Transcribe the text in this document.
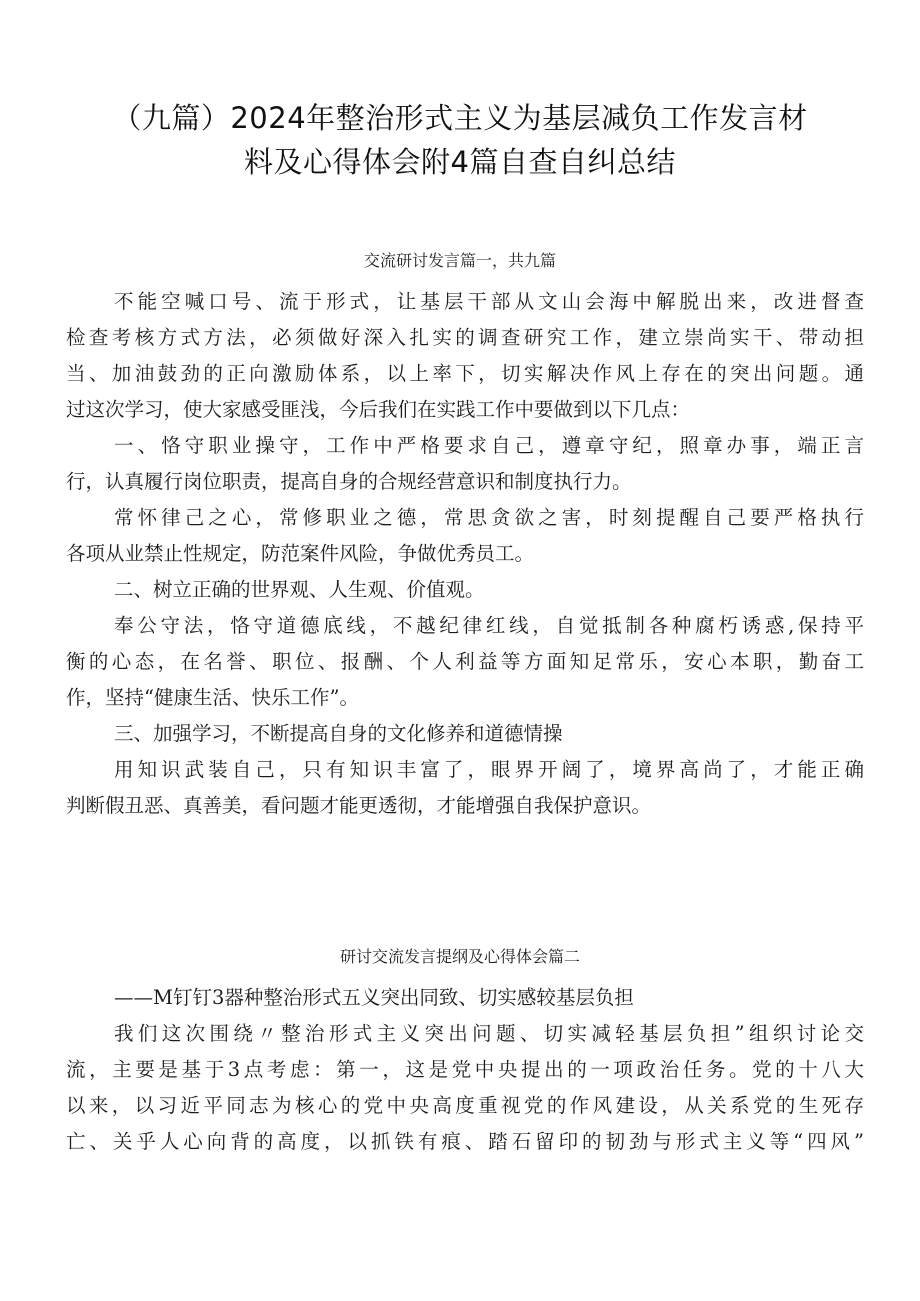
（九篇）2024年整治形式主义为基层减负工作发言材
料及心得体会附4篇自查自纠总结
交流研讨发言篇一，共九篇
不能空喊口号、流于形式，让基层干部从文山会海中解脱出来，改进督查
检查考核方式方法，必须做好深入扎实的调查研究工作，建立崇尚实干、带动担
当、加油鼓劲的正向激励体系，以上率下，切实解决作风上存在的突出问题。通
过这次学习，使大家感受匪浅，今后我们在实践工作中要做到以下几点：
一、恪守职业操守，工作中严格要求自己，遵章守纪，照章办事，端正言
行，认真履行岗位职责，提高自身的合规经营意识和制度执行力。
常怀律己之心，常修职业之德，常思贪欲之害，时刻提醒自己要严格执行
各项从业禁止性规定，防范案件风险，争做优秀员工。
二、树立正确的世界观、人生观、价值观。
奉公守法，恪守道德底线，不越纪律红线，自觉抵制各种腐朽诱惑,保持平
衡的心态，在名誉、职位、报酬、个人利益等方面知足常乐，安心本职，勤奋工
作，坚持“健康生活、快乐工作”。
三、加强学习，不断提高自身的文化修养和道德情操
用知识武装自己，只有知识丰富了，眼界开阔了，境界高尚了，才能正确
判断假丑恶、真善美，看问题才能更透彻，才能增强自我保护意识。
研讨交流发言提纲及心得体会篇二
——M钉钉3器种整治形式五义突出同致、切实感较基层负担
我们这次围绕〃整治形式主义突出问题、切实减轻基层负担”组织讨论交
流，主要是基于3点考虑：第一，这是党中央提出的一项政治任务。党的十八大
以来，以习近平同志为核心的党中央高度重视党的作风建设，从关系党的生死存
亡、关乎人心向背的高度，以抓铁有痕、踏石留印的韧劲与形式主义等“四风”
